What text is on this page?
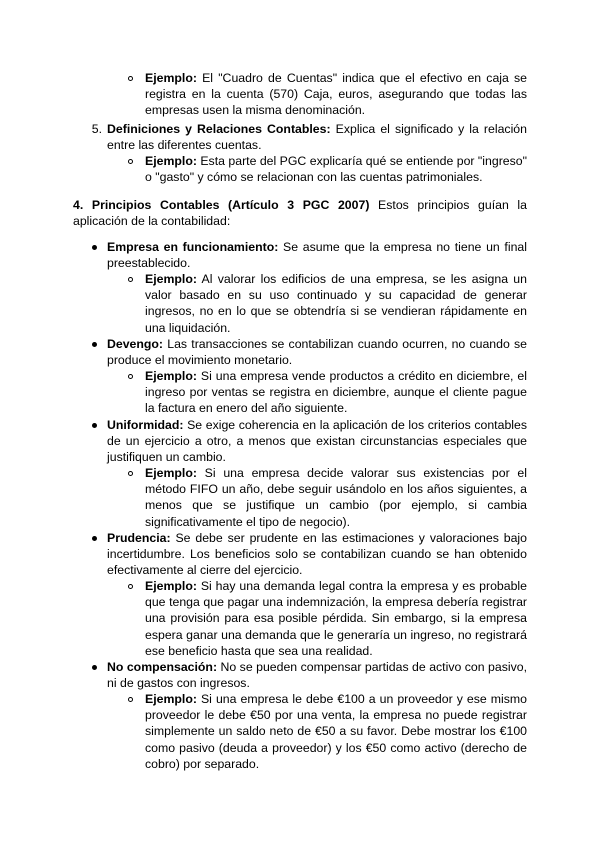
Ejemplo: El "Cuadro de Cuentas" indica que el efectivo en caja se registra en la cuenta (570) Caja, euros, asegurando que todas las empresas usen la misma denominación.

5. Definiciones y Relaciones Contables: Explica el significado y la relación entre las diferentes cuentas.

Ejemplo: Esta parte del PGC explicaría qué se entiende por "ingreso" o "gasto" y cómo se relacionan con las cuentas patrimoniales.

4. Principios Contables (Artículo 3 PGC 2007) Estos principios guían la aplicación de la contabilidad:

Empresa en funcionamiento: Se asume que la empresa no tiene un final preestablecido.

Ejemplo: Al valorar los edificios de una empresa, se les asigna un valor basado en su uso continuado y su capacidad de generar ingresos, no en lo que se obtendría si se vendieran rápidamente en una liquidación.

Devengo: Las transacciones se contabilizan cuando ocurren, no cuando se produce el movimiento monetario.

Ejemplo: Si una empresa vende productos a crédito en diciembre, el ingreso por ventas se registra en diciembre, aunque el cliente pague la factura en enero del año siguiente.

Uniformidad: Se exige coherencia en la aplicación de los criterios contables de un ejercicio a otro, a menos que existan circunstancias especiales que justifiquen un cambio.

Ejemplo: Si una empresa decide valorar sus existencias por el método FIFO un año, debe seguir usándolo en los años siguientes, a menos que se justifique un cambio (por ejemplo, si cambia significativamente el tipo de negocio).

Prudencia: Se debe ser prudente en las estimaciones y valoraciones bajo incertidumbre. Los beneficios solo se contabilizan cuando se han obtenido efectivamente al cierre del ejercicio.

Ejemplo: Si hay una demanda legal contra la empresa y es probable que tenga que pagar una indemnización, la empresa debería registrar una provisión para esa posible pérdida. Sin embargo, si la empresa espera ganar una demanda que le generaría un ingreso, no registrará ese beneficio hasta que sea una realidad.

No compensación: No se pueden compensar partidas de activo con pasivo, ni de gastos con ingresos.

Ejemplo: Si una empresa le debe €100 a un proveedor y ese mismo proveedor le debe €50 por una venta, la empresa no puede registrar simplemente un saldo neto de €50 a su favor. Debe mostrar los €100 como pasivo (deuda a proveedor) y los €50 como activo (derecho de cobro) por separado.
